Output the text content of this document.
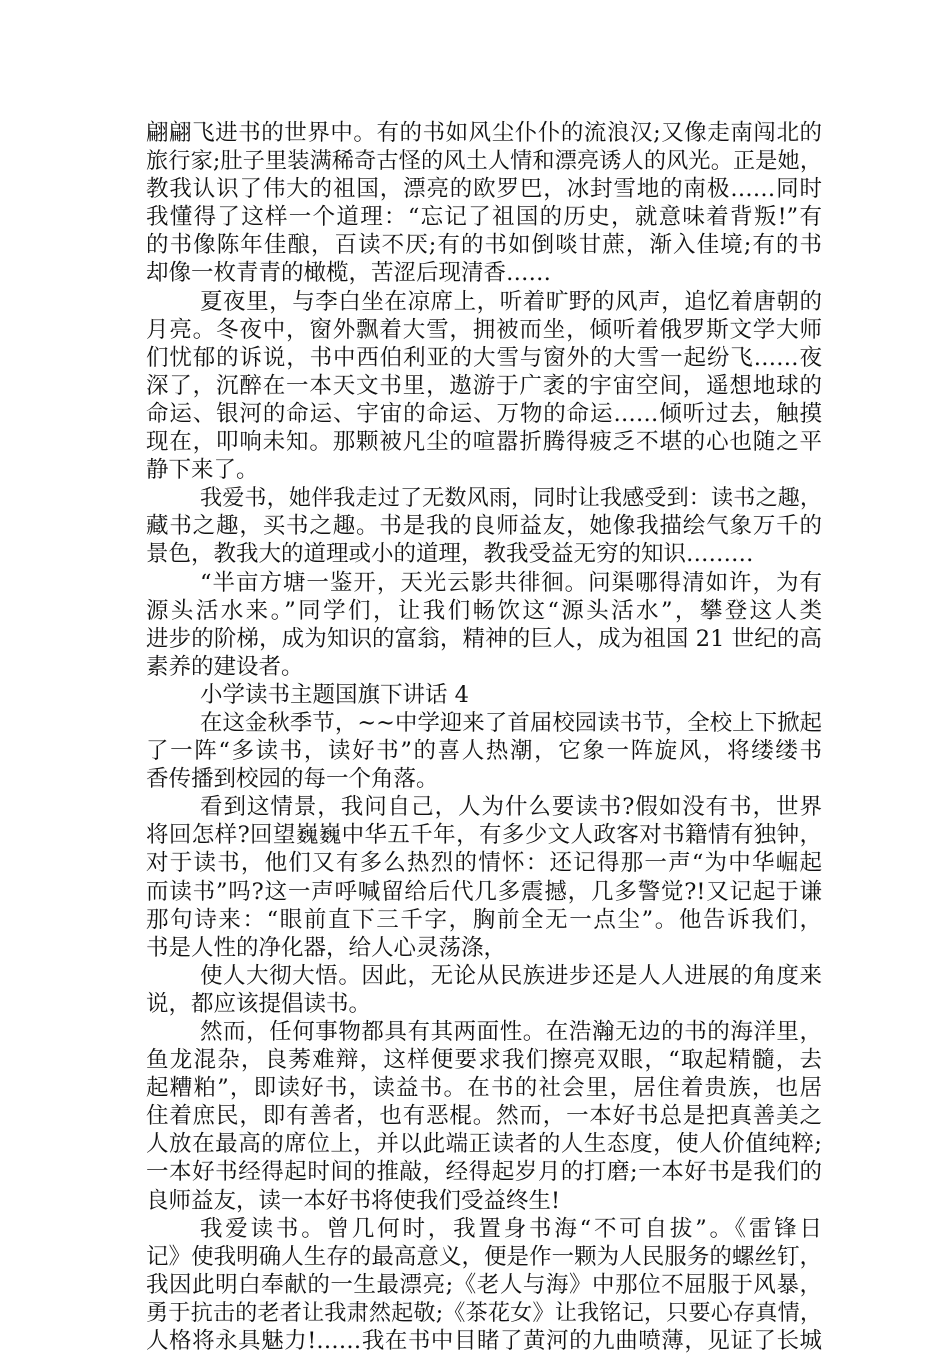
翩翩飞进书的世界中。有的书如风尘仆仆的流浪汉;又像走南闯北的
旅行家;肚子里装满稀奇古怪的风土人情和漂亮诱人的风光。正是她，
教我认识了伟大的祖国，漂亮的欧罗巴，冰封雪地的南极……同时
我懂得了这样一个道理：“忘记了祖国的历史，就意味着背叛!”有
的书像陈年佳酿，百读不厌;有的书如倒啖甘蔗，渐入佳境;有的书
却像一枚青青的橄榄，苦涩后现清香……
夏夜里，与李白坐在凉席上，听着旷野的风声，追忆着唐朝的
月亮。冬夜中，窗外飘着大雪，拥被而坐，倾听着俄罗斯文学大师
们忧郁的诉说，书中西伯利亚的大雪与窗外的大雪一起纷飞……夜
深了，沉醉在一本天文书里，遨游于广袤的宇宙空间，遥想地球的
命运、银河的命运、宇宙的命运、万物的命运……倾听过去，触摸
现在，叩响未知。那颗被凡尘的喧嚣折腾得疲乏不堪的心也随之平
静下来了。
我爱书，她伴我走过了无数风雨，同时让我感受到：读书之趣，
藏书之趣，买书之趣。书是我的良师益友，她像我描绘气象万千的
景色，教我大的道理或小的道理，教我受益无穷的知识………
“半亩方塘一鉴开，天光云影共徘徊。问渠哪得清如许，为有
源头活水来。”同学们，让我们畅饮这“源头活水”，攀登这人类
进步的阶梯，成为知识的富翁，精神的巨人，成为祖国 21 世纪的高
素养的建设者。
小学读书主题国旗下讲话 4
在这金秋季节，~~中学迎来了首届校园读书节，全校上下掀起
了一阵“多读书，读好书”的喜人热潮，它象一阵旋风，将缕缕书
香传播到校园的每一个角落。
看到这情景，我问自己，人为什么要读书?假如没有书，世界
将回怎样?回望巍巍中华五千年，有多少文人政客对书籍情有独钟，
对于读书，他们又有多么热烈的情怀：还记得那一声“为中华崛起
而读书”吗?这一声呼喊留给后代几多震撼，几多警觉?!又记起于谦
那句诗来：“眼前直下三千字，胸前全无一点尘”。他告诉我们，
书是人性的净化器，给人心灵荡涤，
使人大彻大悟。因此，无论从民族进步还是人人进展的角度来
说，都应该提倡读书。
然而，任何事物都具有其两面性。在浩瀚无边的书的海洋里，
鱼龙混杂，良莠难辩，这样便要求我们擦亮双眼，“取起精髓，去
起糟粕”，即读好书，读益书。在书的社会里，居住着贵族，也居
住着庶民，即有善者，也有恶棍。然而，一本好书总是把真善美之
人放在最高的席位上，并以此端正读者的人生态度，使人价值纯粹;
一本好书经得起时间的推敲，经得起岁月的打磨;一本好书是我们的
良师益友，读一本好书将使我们受益终生!
我爱读书。曾几何时，我置身书海“不可自拔”。《雷锋日
记》使我明确人生存的最高意义，便是作一颗为人民服务的螺丝钉，
我因此明白奉献的一生最漂亮;《老人与海》中那位不屈服于风暴，
勇于抗击的老者让我肃然起敬;《茶花女》让我铭记，只要心存真情，
人格将永具魅力!……我在书中目睹了黄河的九曲喷薄，见证了长城
